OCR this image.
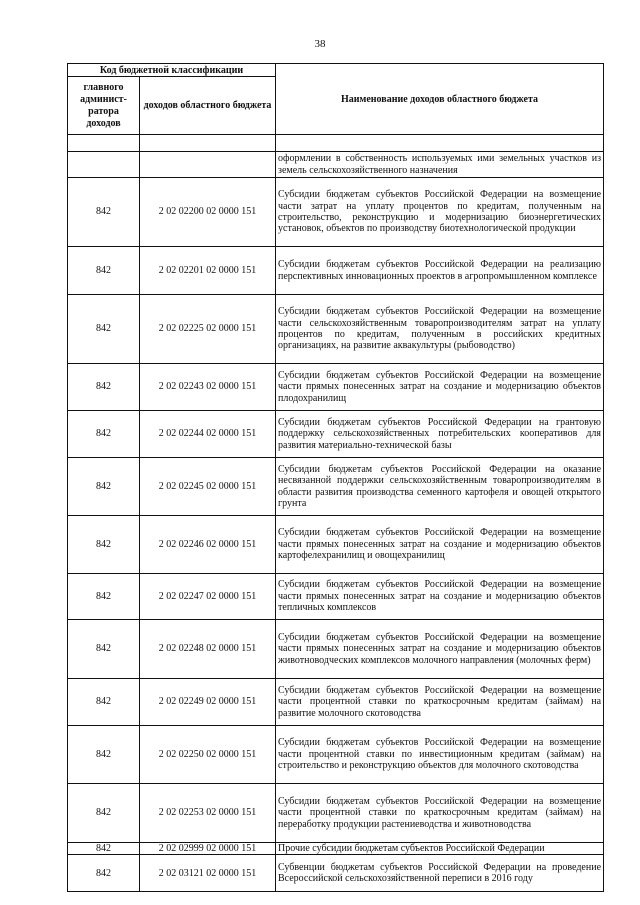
38
Код бюджетной классификации		Наименование доходов областного бюджета
главного админист-ратора доходов	доходов областного бюджета	

		оформлении в собственность используемых ими земельных участков из земель сельскохозяйственного назначения
842	2 02 02200 02 0000 151	Субсидии бюджетам субъектов Российской Федерации на возмещение части затрат на уплату процентов по кредитам, полученным на строительство, реконструкцию и модернизацию биоэнергетических установок, объектов по производству биотехнологической продукции
842	2 02 02201 02 0000 151	Субсидии бюджетам субъектов Российской Федерации на реализацию перспективных инновационных проектов в агропромышленном комплексе
842	2 02 02225 02 0000 151	Субсидии бюджетам субъектов Российской Федерации на возмещение части сельскохозяйственным товаропроизводителям затрат на уплату процентов по кредитам, полученным в российских кредитных организациях, на развитие аквакультуры (рыбоводство)
842	2 02 02243 02 0000 151	Субсидии бюджетам субъектов Российской Федерации на возмещение части прямых понесенных затрат на создание и модернизацию объектов плодохранилищ
842	2 02 02244 02 0000 151	Субсидии бюджетам субъектов Российской Федерации на грантовую поддержку сельскохозяйственных потребительских кооперативов для развития материально-технической базы
842	2 02 02245 02 0000 151	Субсидии бюджетам субъектов Российской Федерации на оказание несвязанной поддержки сельскохозяйственным товаропроизводителям в области развития производства семенного картофеля и овощей открытого грунта
842	2 02 02246 02 0000 151	Субсидии бюджетам субъектов Российской Федерации на возмещение части прямых понесенных затрат на создание и модернизацию объектов картофелехранилищ и овощехранилищ
842	2 02 02247 02 0000 151	Субсидии бюджетам субъектов Российской Федерации на возмещение части прямых понесенных затрат на создание и модернизацию объектов тепличных комплексов
842	2 02 02248 02 0000 151	Субсидии бюджетам субъектов Российской Федерации на возмещение части прямых понесенных затрат на создание и модернизацию объектов животноводческих комплексов молочного направления (молочных ферм)
842	2 02 02249 02 0000 151	Субсидии бюджетам субъектов Российской Федерации на возмещение части процентной ставки по краткосрочным кредитам (займам) на развитие молочного скотоводства
842	2 02 02250 02 0000 151	Субсидии бюджетам субъектов Российской Федерации на возмещение части процентной ставки по инвестиционным кредитам (займам) на строительство и реконструкцию объектов для молочного скотоводства
842	2 02 02253 02 0000 151	Субсидии бюджетам субъектов Российской Федерации на возмещение части процентной ставки по краткосрочным кредитам (займам) на переработку продукции растениеводства и животноводства
842	2 02 02999 02 0000 151	Прочие субсидии бюджетам субъектов Российской Федерации
842	2 02 03121 02 0000 151	Субвенции бюджетам субъектов Российской Федерации на проведение Всероссийской сельскохозяйственной переписи в 2016 году
